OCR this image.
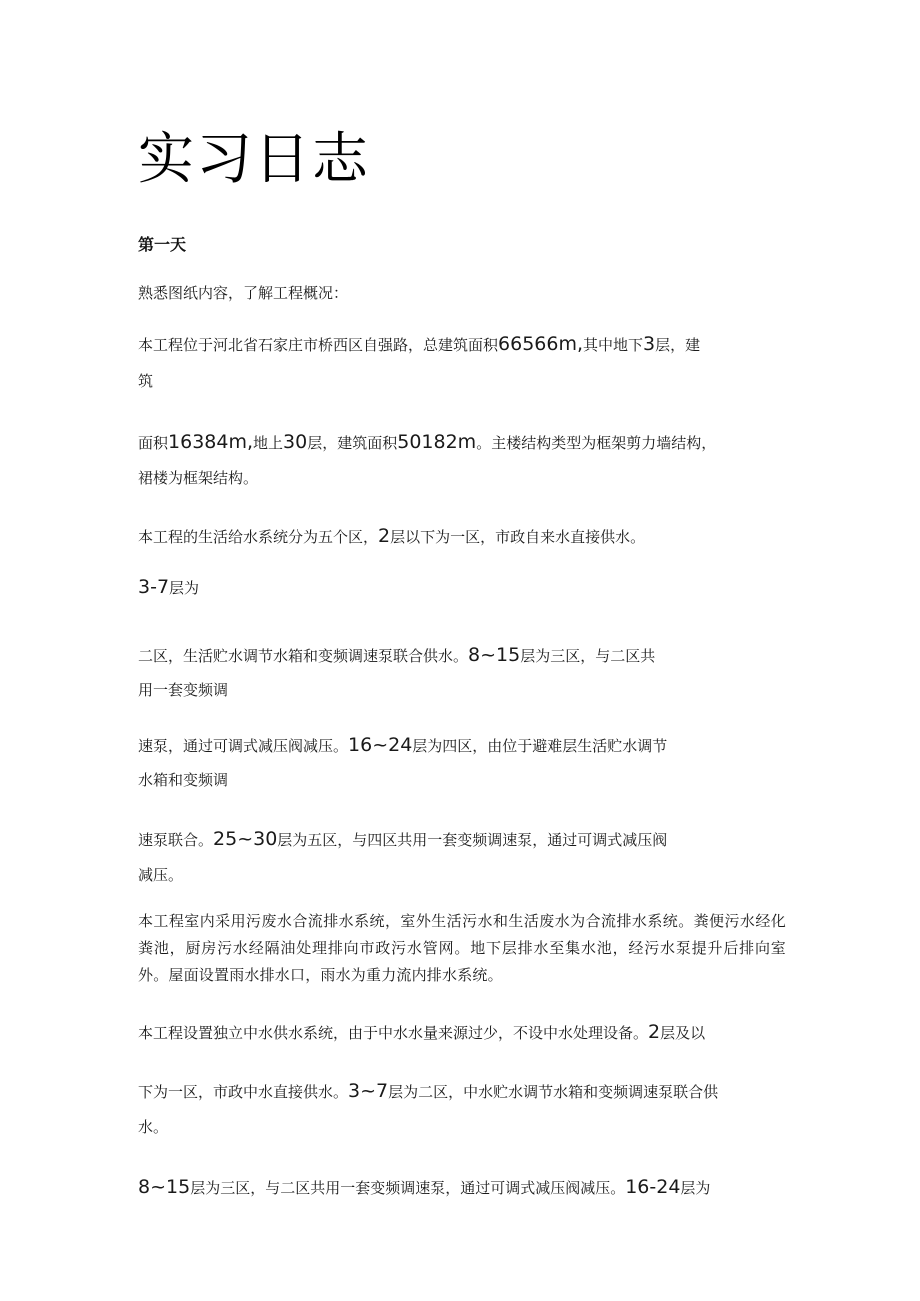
实习日志
第一天
熟悉图纸内容，了解工程概况：
本工程位于河北省石家庄市桥西区自强路，总建筑面积66566m,其中地下3层，建
筑
面积16384m,地上30层，建筑面积50182m。主楼结构类型为框架剪力墙结构，
裙楼为框架结构。
本工程的生活给水系统分为五个区，2层以下为一区，市政自来水直接供水。
3-7层为
二区，生活贮水调节水箱和变频调速泵联合供水。8~15层为三区，与二区共
用一套变频调
速泵，通过可调式减压阀减压。16~24层为四区，由位于避难层生活贮水调节
水箱和变频调
速泵联合。25~30层为五区，与四区共用一套变频调速泵，通过可调式减压阀
减压。
本工程室内采用污废水合流排水系统，室外生活污水和生活废水为合流排水系统。粪便污水经化粪池，厨房污水经隔油处理排向市政污水管网。地下层排水至集水池，经污水泵提升后排向室外。屋面设置雨水排水口，雨水为重力流内排水系统。
本工程设置独立中水供水系统，由于中水水量来源过少，不设中水处理设备。2层及以
下为一区，市政中水直接供水。3~7层为二区，中水贮水调节水箱和变频调速泵联合供
水。
8~15层为三区，与二区共用一套变频调速泵，通过可调式减压阀减压。16-24层为
